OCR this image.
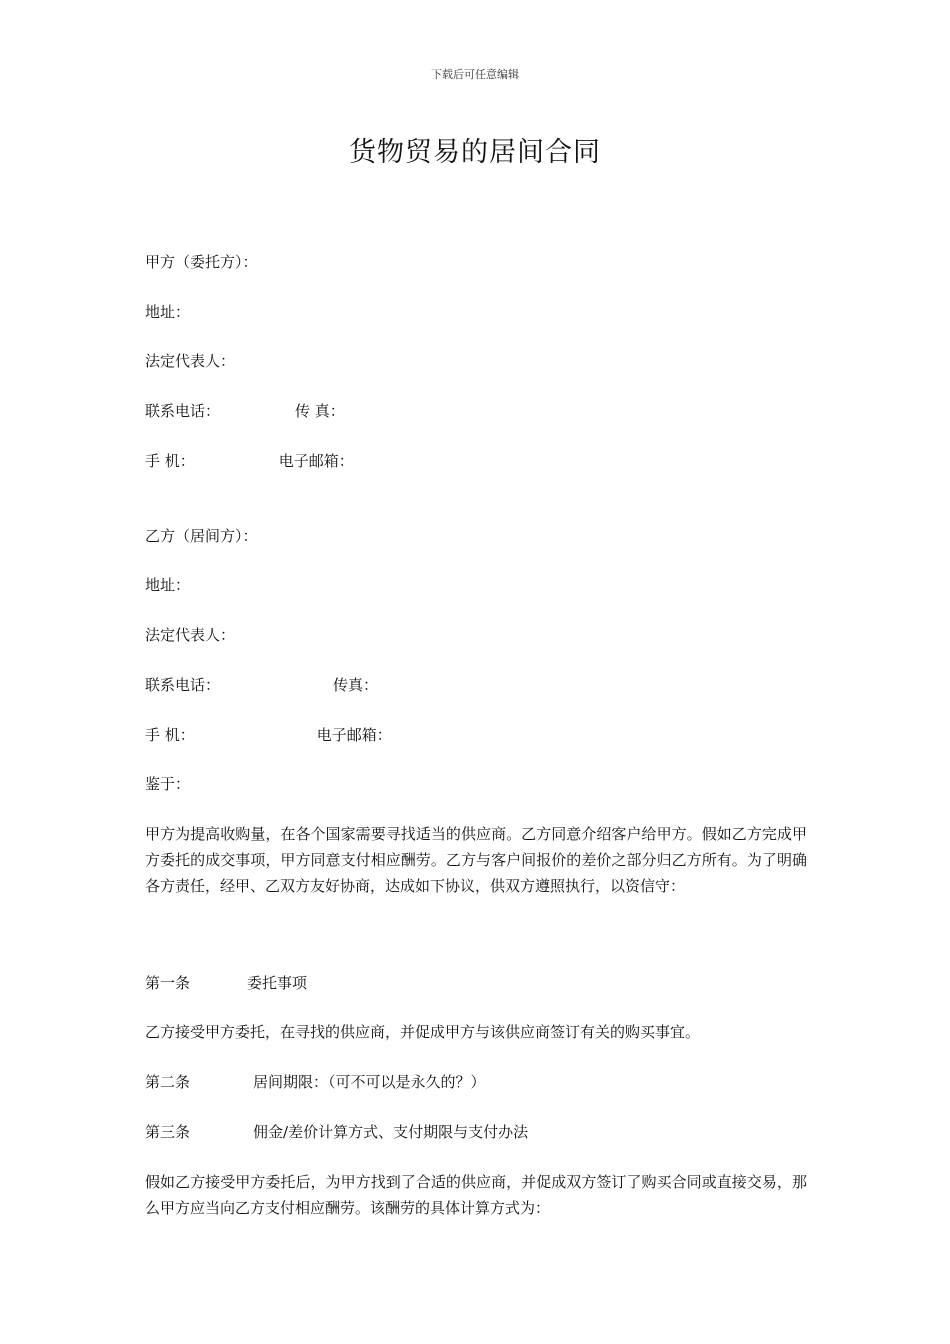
下载后可任意编辑
货物贸易的居间合同
甲方（委托方）：
地址：
法定代表人：
联系电话：	传 真：
手 机：	电子邮箱：
乙方（居间方）：
地址：
法定代表人：
联系电话：	传真：
手 机：	电子邮箱：
鉴于：
甲方为提高收购量，在各个国家需要寻找适当的供应商。乙方同意介绍客户给甲方。假如乙方完成甲方委托的成交事项，甲方同意支付相应酬劳。乙方与客户间报价的差价之部分归乙方所有。为了明确各方责任，经甲、乙双方友好协商，达成如下协议，供双方遵照执行，以资信守：
第一条	委托事项
乙方接受甲方委托，在寻找的供应商，并促成甲方与该供应商签订有关的购买事宜。
第二条	居间期限：（可不可以是永久的？）
第三条	佣金/差价计算方式、支付期限与支付办法
假如乙方接受甲方委托后，为甲方找到了合适的供应商，并促成双方签订了购买合同或直接交易，那么甲方应当向乙方支付相应酬劳。该酬劳的具体计算方式为：
